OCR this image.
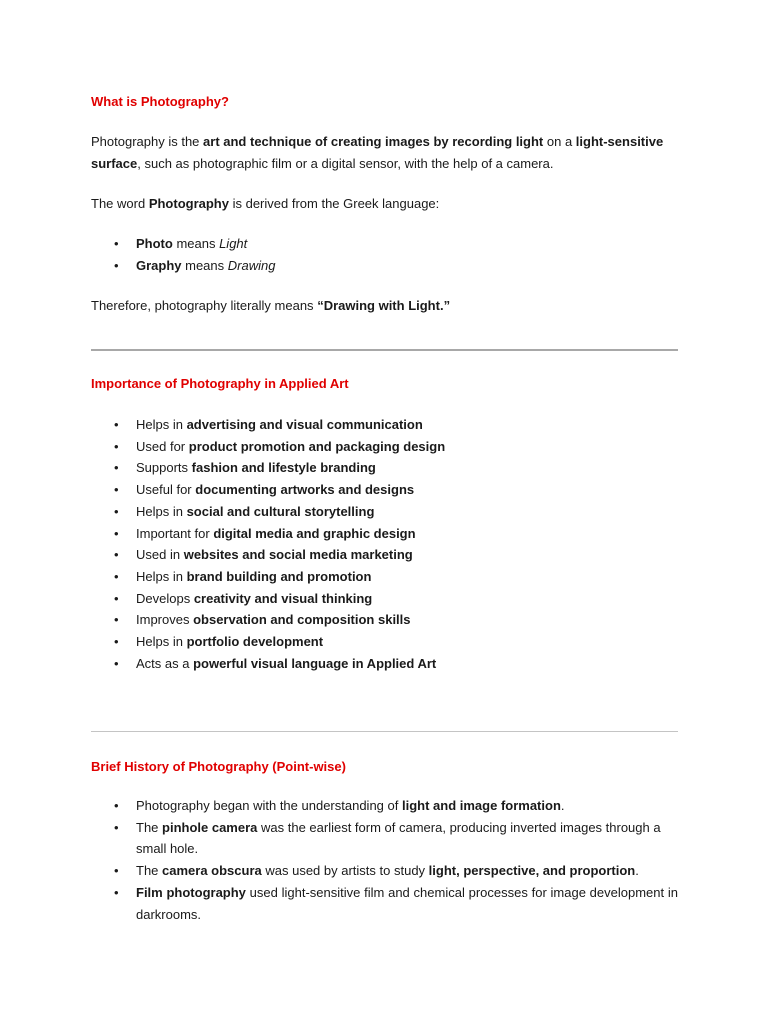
What is Photography?
Photography is the art and technique of creating images by recording light on a light-sensitive surface, such as photographic film or a digital sensor, with the help of a camera.
The word Photography is derived from the Greek language:
• Photo means Light
• Graphy means Drawing
Therefore, photography literally means “Drawing with Light.”
Importance of Photography in Applied Art
• Helps in advertising and visual communication
• Used for product promotion and packaging design
• Supports fashion and lifestyle branding
• Useful for documenting artworks and designs
• Helps in social and cultural storytelling
• Important for digital media and graphic design
• Used in websites and social media marketing
• Helps in brand building and promotion
• Develops creativity and visual thinking
• Improves observation and composition skills
• Helps in portfolio development
• Acts as a powerful visual language in Applied Art
Brief History of Photography (Point-wise)
• Photography began with the understanding of light and image formation.
• The pinhole camera was the earliest form of camera, producing inverted images through a small hole.
• The camera obscura was used by artists to study light, perspective, and proportion.
• Film photography used light-sensitive film and chemical processes for image development in darkrooms.
